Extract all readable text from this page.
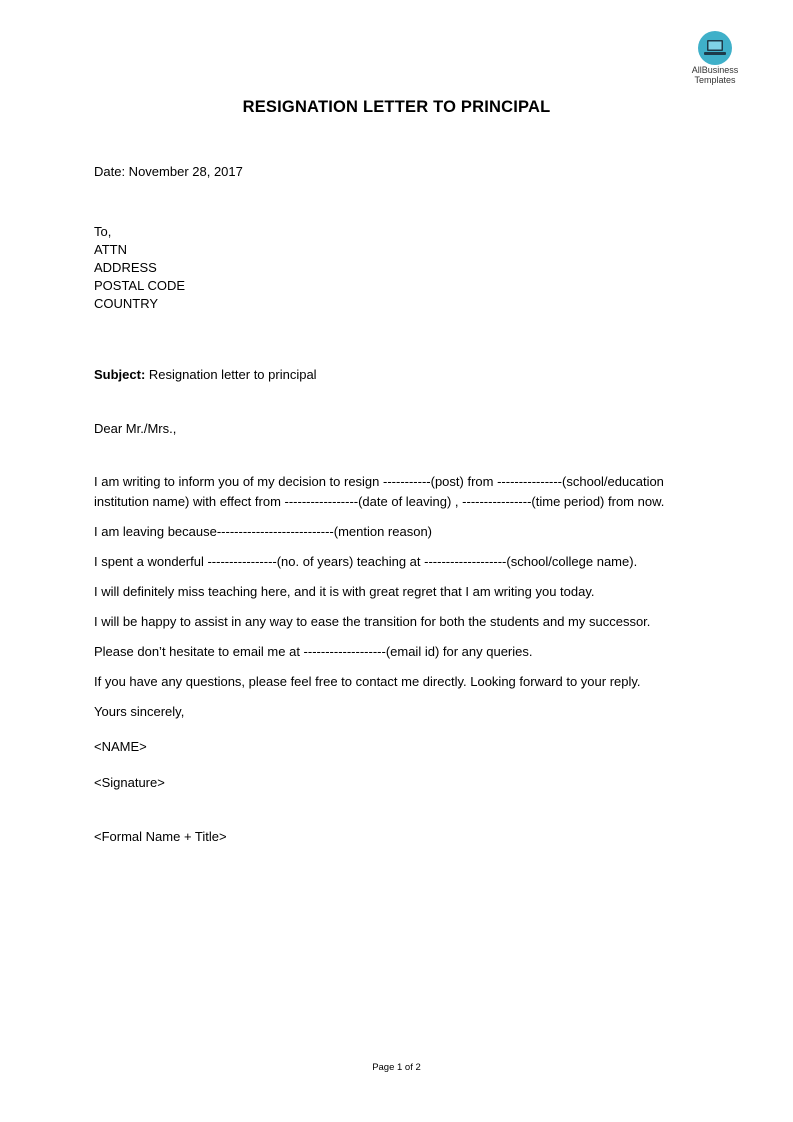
AllBusiness
Templates
RESIGNATION LETTER TO PRINCIPAL
Date: November 28, 2017
To,
ATTN
ADDRESS
POSTAL CODE
COUNTRY
Subject: Resignation letter to principal
Dear Mr./Mrs.,
I am writing to inform you of my decision to resign -----------(post) from ---------------(school/education institution name) with effect from -----------------(date of leaving) , ----------------(time period) from now.
I am leaving because---------------------------(mention reason)
I spent a wonderful ----------------(no. of years) teaching at -------------------(school/college name).
I will definitely miss teaching here, and it is with great regret that I am writing you today.
I will be happy to assist in any way to ease the transition for both the students and my successor.
Please don’t hesitate to email me at -------------------(email id) for any queries.
If you have any questions, please feel free to contact me directly. Looking forward to your reply.
Yours sincerely,
<NAME>
<Signature>
<Formal Name + Title>
Page 1 of 2
